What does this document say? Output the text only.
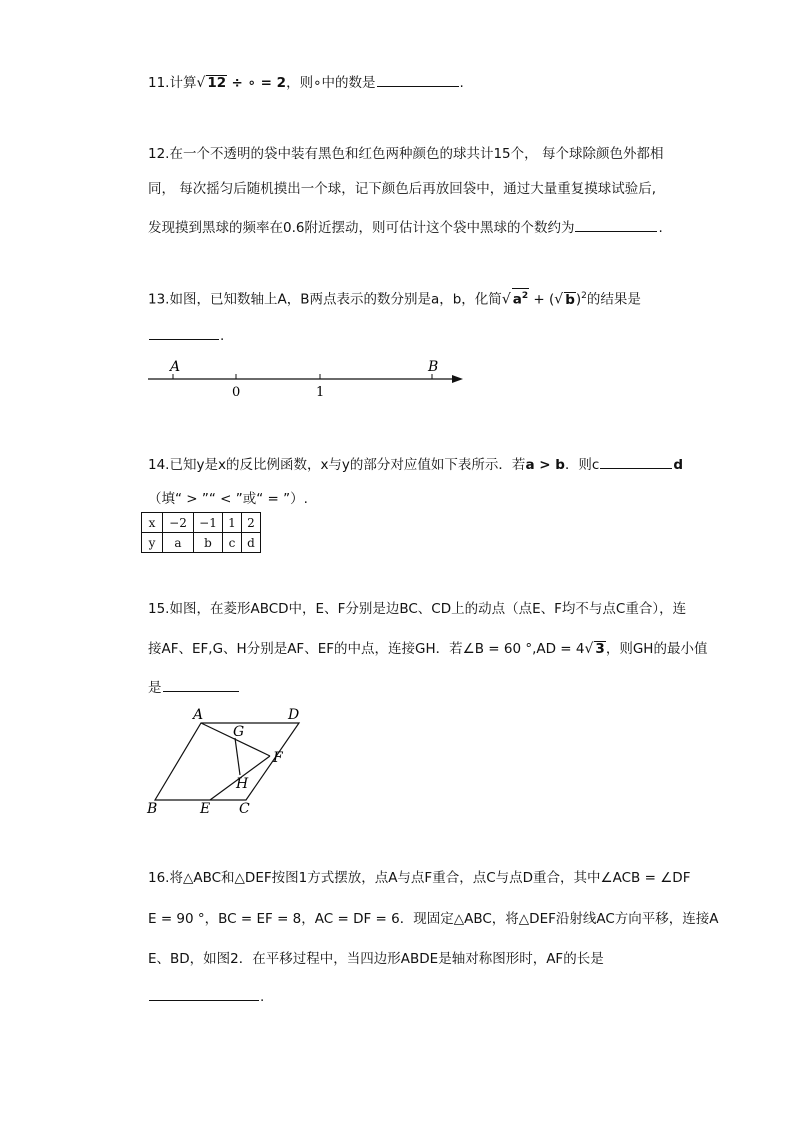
11.计算√ 12 ÷ ∘ = 2，则∘中的数是	.
12.在一个不透明的袋中装有黑色和红色两种颜色的球共计15个， 每个球除颜色外都相
同， 每次摇匀后随机摸出一个球，记下颜色后再放回袋中，通过大量重复摸球试验后,
发现摸到黑球的频率在0.6附近摆动，则可估计这个袋中黑球的个数约为	.
13.如图，已知数轴上A，B两点表示的数分别是a，b，化简√ $a^2$ + (√ b)$^2$的结果是
.
A	B
0	1
A	D
G
F
H
B	E C
14.已知y是x的反比例函数，x与y的部分对应值如下表所示．若a > b．则c	d
（填“ > ”“ < ”或“ = ”）.
x	−2	−1	1	2
y	a	b	c	d
15.如图，在菱形ABCD中，E、F分别是边BC、CD上的动点（点E、F均不与点C重合），连
接AF、EF,G、H分别是AF、EF的中点，连接GH．若∠B = 60 °,AD = 4√ 3，则GH的最小值
是
16.将△ABC和△DEF按图1方式摆放，点A与点F重合，点C与点D重合，其中∠ACB = ∠DF
E = 90 °，BC = EF = 8，AC = DF = 6．现固定△ABC，将△DEF沿射线AC方向平移，连接A
E、BD，如图2．在平移过程中，当四边形ABDE是轴对称图形时，AF的长是
.
